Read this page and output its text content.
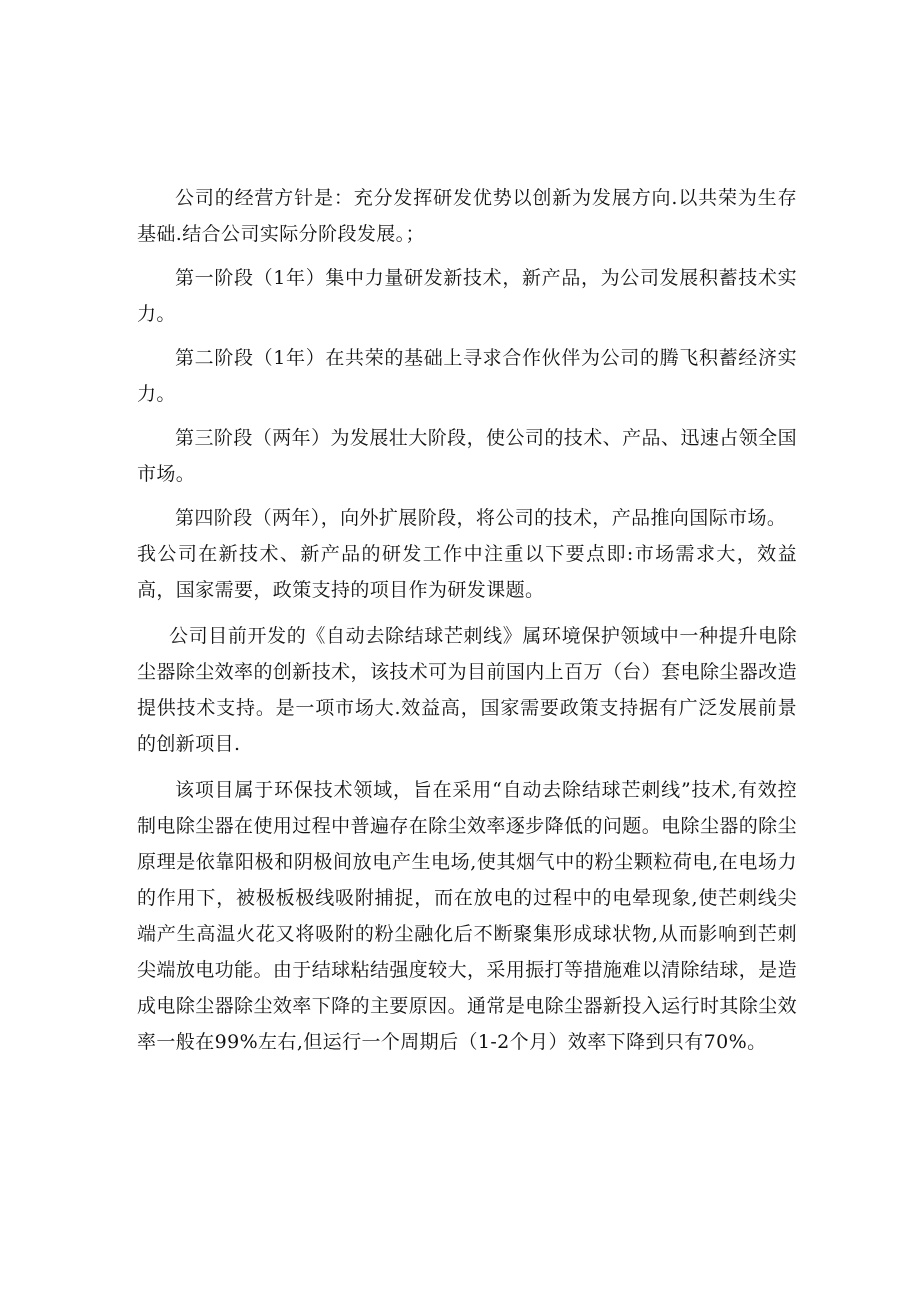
公司的经营方针是：充分发挥研发优势以创新为发展方向.以共荣为生存基础.结合公司实际分阶段发展。；

第一阶段（1年）集中力量研发新技术，新产品，为公司发展积蓄技术实力。

第二阶段（1年）在共荣的基础上寻求合作伙伴为公司的腾飞积蓄经济实力。

第三阶段（两年）为发展壮大阶段，使公司的技术、产品、迅速占领全国市场。

第四阶段（两年），向外扩展阶段，将公司的技术，产品推向国际市场。

我公司在新技术、新产品的研发工作中注重以下要点即:市场需求大，效益高，国家需要，政策支持的项目作为研发课题。

公司目前开发的《自动去除结球芒刺线》属环境保护领域中一种提升电除尘器除尘效率的创新技术，该技术可为目前国内上百万（台）套电除尘器改造提供技术支持。是一项市场大.效益高，国家需要政策支持据有广泛发展前景的创新项目.

该项目属于环保技术领域，旨在采用“自动去除结球芒刺线”技术,有效控制电除尘器在使用过程中普遍存在除尘效率逐步降低的问题。电除尘器的除尘原理是依靠阳极和阴极间放电产生电场,使其烟气中的粉尘颗粒荷电,在电场力的作用下，被极板极线吸附捕捉，而在放电的过程中的电晕现象,使芒刺线尖端产生高温火花又将吸附的粉尘融化后不断聚集形成球状物,从而影响到芒刺尖端放电功能。由于结球粘结强度较大，采用振打等措施难以清除结球，是造成电除尘器除尘效率下降的主要原因。通常是电除尘器新投入运行时其除尘效率一般在99%左右,但运行一个周期后（1-2个月）效率下降到只有70%。
